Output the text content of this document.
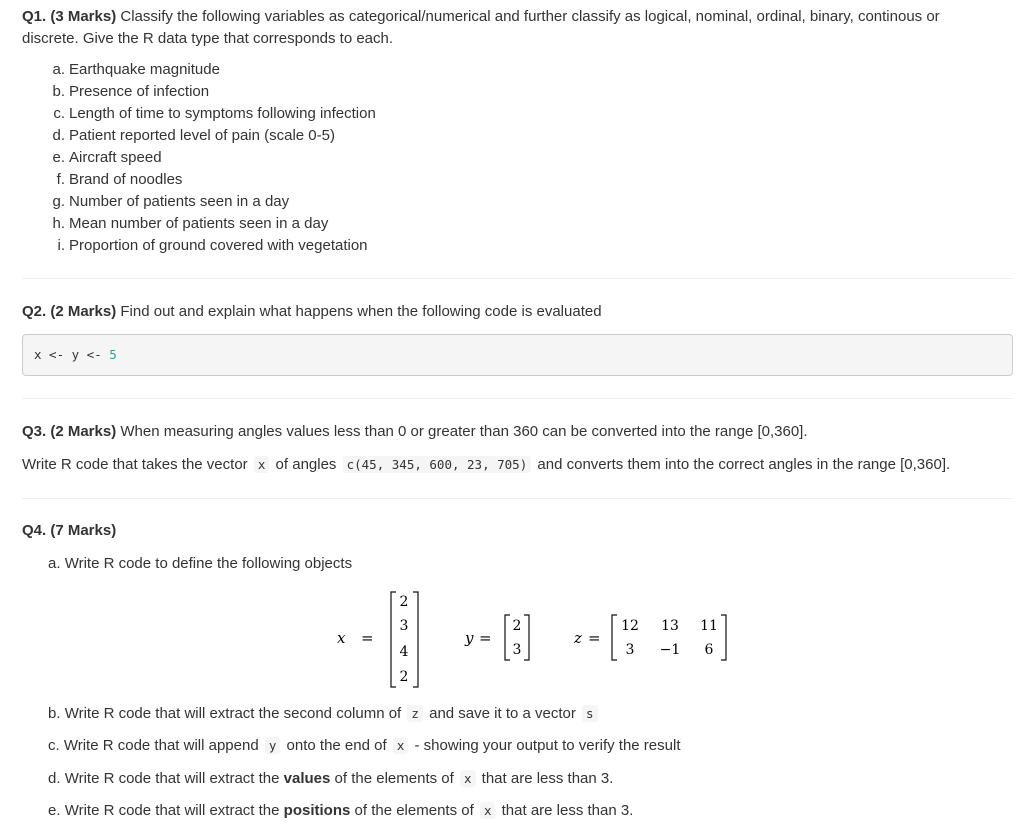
Q1. (3 Marks) Classify the following variables as categorical/numerical and further classify as logical, nominal, ordinal, binary, continous or
discrete. Give the R data type that corresponds to each.
a. Earthquake magnitude
b. Presence of infection
c. Length of time to symptoms following infection
d. Patient reported level of pain (scale 0-5)
e. Aircraft speed
f. Brand of noodles
g. Number of patients seen in a day
h. Mean number of patients seen in a day
i. Proportion of ground covered with vegetation
Q2. (2 Marks) Find out and explain what happens when the following code is evaluated
x <- y <- 5
Q3. (2 Marks) When measuring angles values less than 0 or greater than 360 can be converted into the range [0,360].
Write R code that takes the vector x of angles c(45, 345, 600, 23, 705) and converts them into the correct angles in the range [0,360].
Q4. (7 Marks)
a. Write R code to define the following objects
x =
2
3
4
2
y =
2
3
z =
12 13 11
3 −1 6
b. Write R code that will extract the second column of z and save it to a vector s
c. Write R code that will append y onto the end of x - showing your output to verify the result
d. Write R code that will extract the values of the elements of x that are less than 3.
e. Write R code that will extract the positions of the elements of x that are less than 3.
